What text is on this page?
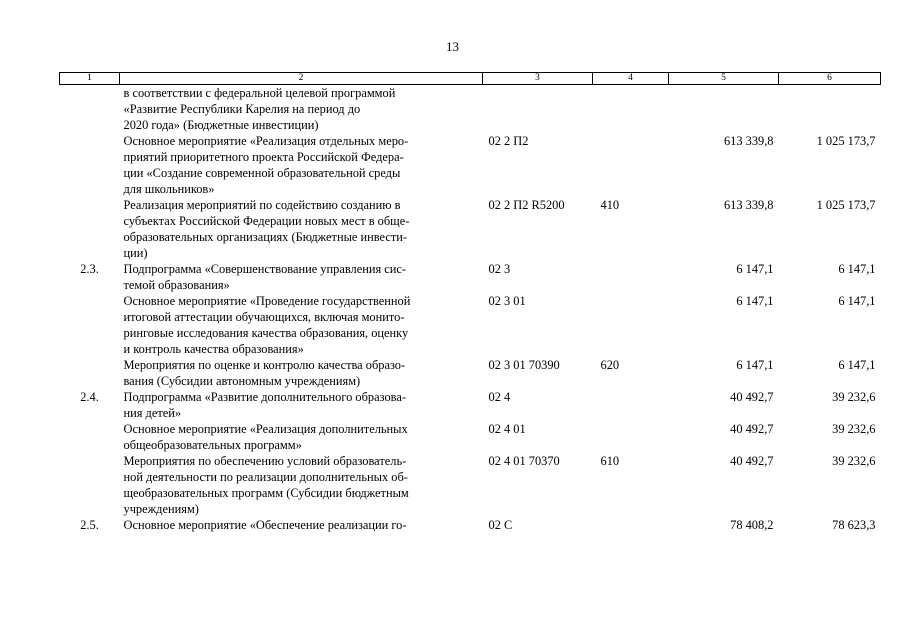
13
1	2	3	4	5	6

	в соответствии с федеральной целевой программой
«Развитие Республики Карелия на период до
2020 года» (Бюджетные инвестиции)				

	Основное мероприятие «Реализация отдельных меро-
приятий приоритетного проекта Российской Федера-
ции «Создание современной образовательной среды
для школьников»	02 2 П2		613 339,8	1 025 173,7

	Реализация мероприятий по содействию созданию в
субъектах Российской Федерации новых мест в обще-
образовательных организациях (Бюджетные инвести-
ции)	02 2 П2 R5200	410	613 339,8	1 025 173,7
2.3.	Подпрограмма «Совершенствование управления сис-
темой образования»	02 3		6 147,1	6 147,1

	Основное мероприятие «Проведение государственной
итоговой аттестации обучающихся, включая монито-
ринговые исследования качества образования, оценку
и контроль качества образования»	02 3 01		6 147,1	6 147,1

	Мероприятия по оценке и контролю качества образо-
вания (Субсидии автономным учреждениям)	02 3 01 70390	620	6 147,1	6 147,1
2.4.	Подпрограмма «Развитие дополнительного образова-
ния детей»	02 4		40 492,7	39 232,6

	Основное мероприятие «Реализация дополнительных
общеобразовательных программ»	02 4 01		40 492,7	39 232,6

	Мероприятия по обеспечению условий образователь-
ной деятельности по реализации дополнительных об-
щеобразовательных программ (Субсидии бюджетным
учреждениям)	02 4 01 70370	610	40 492,7	39 232,6
2.5.	Основное мероприятие «Обеспечение реализации го-	02 С		78 408,2	78 623,3
